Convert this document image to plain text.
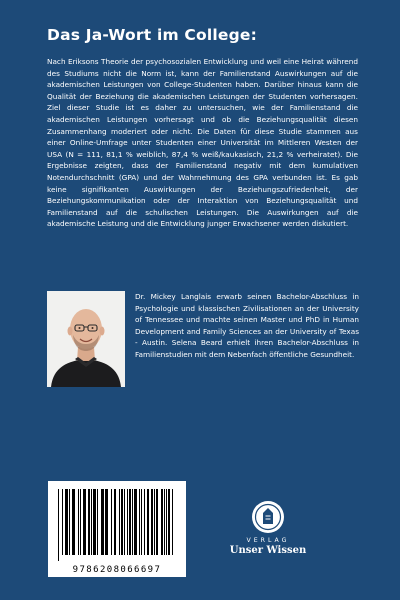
Das Ja-Wort im College:

Nach Eriksons Theorie der psychosozialen Entwicklung und weil eine Heirat während des Studiums nicht die Norm ist, kann der Familienstand Auswirkungen auf die akademischen Leistungen von College-Studenten haben. Darüber hinaus kann die Qualität der Beziehung die akademischen Leistungen der Studenten vorhersagen. Ziel dieser Studie ist es daher zu untersuchen, wie der Familienstand die akademischen Leistungen vorhersagt und ob die Beziehungsqualität diesen Zusammenhang moderiert oder nicht. Die Daten für diese Studie stammen aus einer Online-Umfrage unter Studenten einer Universität im Mittleren Westen der USA (N = 111, 81,1 % weiblich, 87,4 % weiß/kaukasisch, 21,2 % verheiratet). Die Ergebnisse zeigten, dass der Familienstand negativ mit dem kumulativen Notendurchschnitt (GPA) und der Wahrnehmung des GPA verbunden ist. Es gab keine signifikanten Auswirkungen der Beziehungszufriedenheit, der Beziehungskommunikation oder der Interaktion von Beziehungsqualität und Familienstand auf die schulischen Leistungen. Die Auswirkungen auf die akademische Leistung und die Entwicklung junger Erwachsener werden diskutiert.

Dr. Mickey Langlais erwarb seinen Bachelor-Abschluss in Psychologie und klassischen Zivilisationen an der University of Tennessee und machte seinen Master und PhD in Human Development and Family Sciences an der University of Texas - Austin. Selena Beard erhielt ihren Bachelor-Abschluss in Familienstudien mit dem Nebenfach öffentliche Gesundheit.

9786208066697
VERLAG
Unser Wissen
